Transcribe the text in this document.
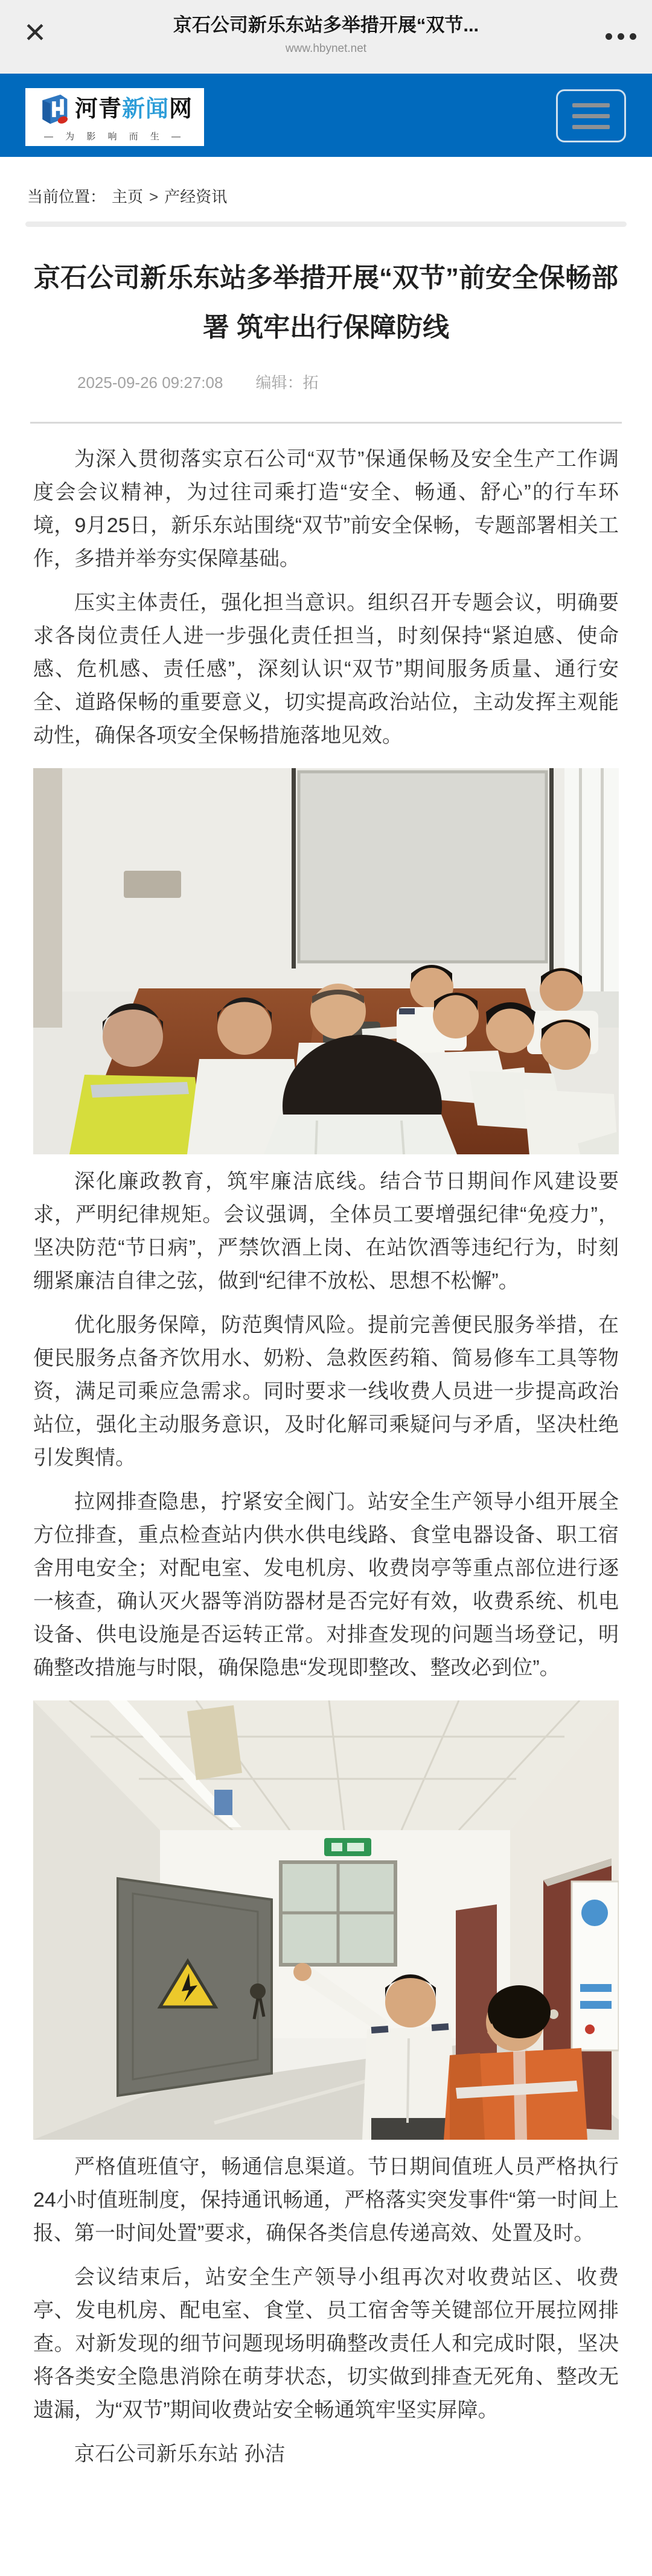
✕	京石公司新乐东站多举措开展“双节...
www.hbynet.net
河青新闻网
— 为 影 响 而 生 —
当前位置： 主页 > 产经资讯
京石公司新乐东站多举措开展“双节”前安全保畅部署 筑牢出行保障防线
2025-09-26 09:27:08 编辑：拓

为深入贯彻落实京石公司“双节”保通保畅及安全生产工作调度会会议精神，为过往司乘打造“安全、畅通、舒心”的行车环境，9月25日，新乐东站围绕“双节”前安全保畅，专题部署相关工作，多措并举夯实保障基础。

压实主体责任，强化担当意识。组织召开专题会议，明确要求各岗位责任人进一步强化责任担当，时刻保持“紧迫感、使命感、危机感、责任感”，深刻认识“双节”期间服务质量、通行安全、道路保畅的重要意义，切实提高政治站位，主动发挥主观能动性，确保各项安全保畅措施落地见效。

深化廉政教育，筑牢廉洁底线。结合节日期间作风建设要求，严明纪律规矩。会议强调，全体员工要增强纪律“免疫力”，坚决防范“节日病”，严禁饮酒上岗、在站饮酒等违纪行为，时刻绷紧廉洁自律之弦，做到“纪律不放松、思想不松懈”。

优化服务保障，防范舆情风险。提前完善便民服务举措，在便民服务点备齐饮用水、奶粉、急救医药箱、简易修车工具等物资，满足司乘应急需求。同时要求一线收费人员进一步提高政治站位，强化主动服务意识，及时化解司乘疑问与矛盾，坚决杜绝引发舆情。

拉网排查隐患，拧紧安全阀门。站安全生产领导小组开展全方位排查，重点检查站内供水供电线路、食堂电器设备、职工宿舍用电安全；对配电室、发电机房、收费岗亭等重点部位进行逐一核查，确认灭火器等消防器材是否完好有效，收费系统、机电设备、供电设施是否运转正常。对排查发现的问题当场登记，明确整改措施与时限，确保隐患“发现即整改、整改必到位”。

严格值班值守，畅通信息渠道。节日期间值班人员严格执行24小时值班制度，保持通讯畅通，严格落实突发事件“第一时间上报、第一时间处置”要求，确保各类信息传递高效、处置及时。

会议结束后，站安全生产领导小组再次对收费站区、收费亭、发电机房、配电室、食堂、员工宿舍等关键部位开展拉网排查。对新发现的细节问题现场明确整改责任人和完成时限，坚决将各类安全隐患消除在萌芽状态，切实做到排查无死角、整改无遗漏，为“双节”期间收费站安全畅通筑牢坚实屏障。

京石公司新乐东站 孙洁
